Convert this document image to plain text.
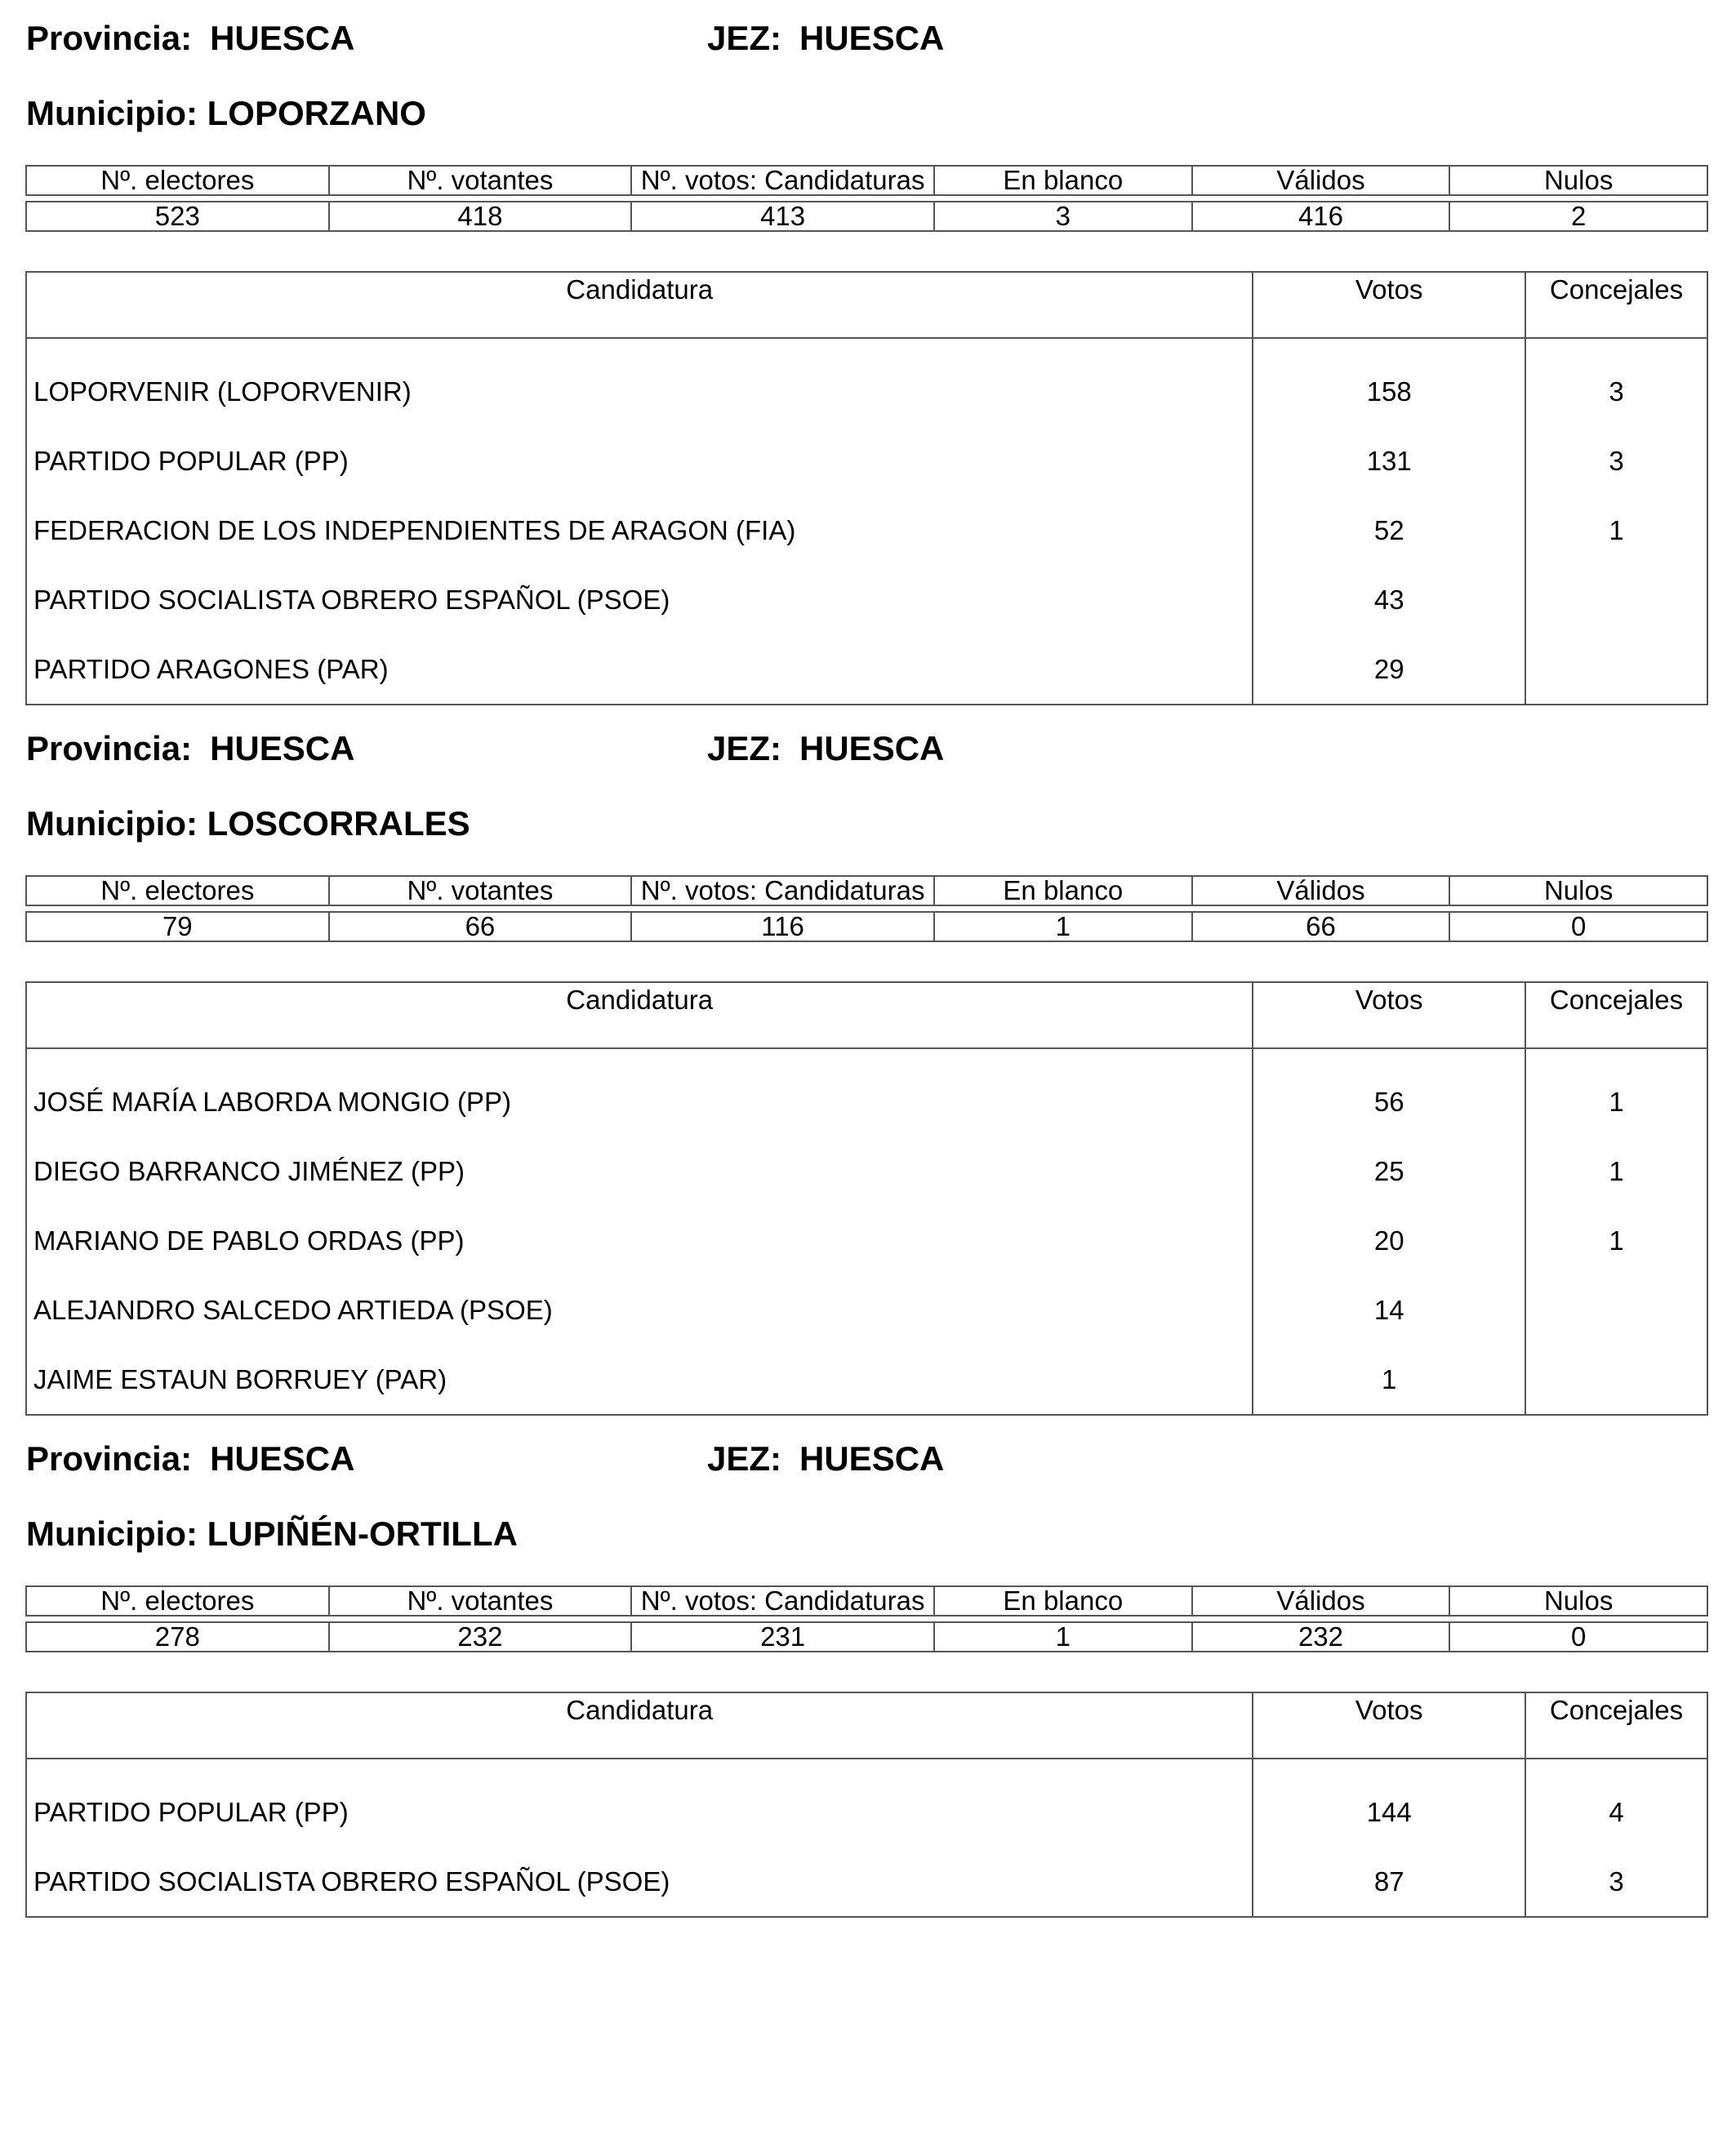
Provincia: HUESCA	JEZ: HUESCA
Municipio: LOPORZANO
Nº. electores	Nº. votantes	Nº. votos: Candidaturas	En blanco	Válidos	Nulos

523	418	413	3	416	2
Candidatura	Votos	Concejales
LOPORVENIR (LOPORVENIR)	158	3
PARTIDO POPULAR (PP)	131	3
FEDERACION DE LOS INDEPENDIENTES DE ARAGON (FIA)	52	1
PARTIDO SOCIALISTA OBRERO ESPAÑOL (PSOE)	43	
PARTIDO ARAGONES (PAR)	29	
Provincia: HUESCA	JEZ: HUESCA
Municipio: LOSCORRALES
Nº. electores	Nº. votantes	Nº. votos: Candidaturas	En blanco	Válidos	Nulos

79	66	116	1	66	0
Candidatura	Votos	Concejales
JOSÉ MARÍA LABORDA MONGIO (PP)	56	1
DIEGO BARRANCO JIMÉNEZ (PP)	25	1
MARIANO DE PABLO ORDAS (PP)	20	1
ALEJANDRO SALCEDO ARTIEDA (PSOE)	14	
JAIME ESTAUN BORRUEY (PAR)	1	
Provincia: HUESCA	JEZ: HUESCA
Municipio: LUPIÑÉN-ORTILLA
Nº. electores	Nº. votantes	Nº. votos: Candidaturas	En blanco	Válidos	Nulos

278	232	231	1	232	0
Candidatura	Votos	Concejales
PARTIDO POPULAR (PP)	144	4
PARTIDO SOCIALISTA OBRERO ESPAÑOL (PSOE)	87	3
